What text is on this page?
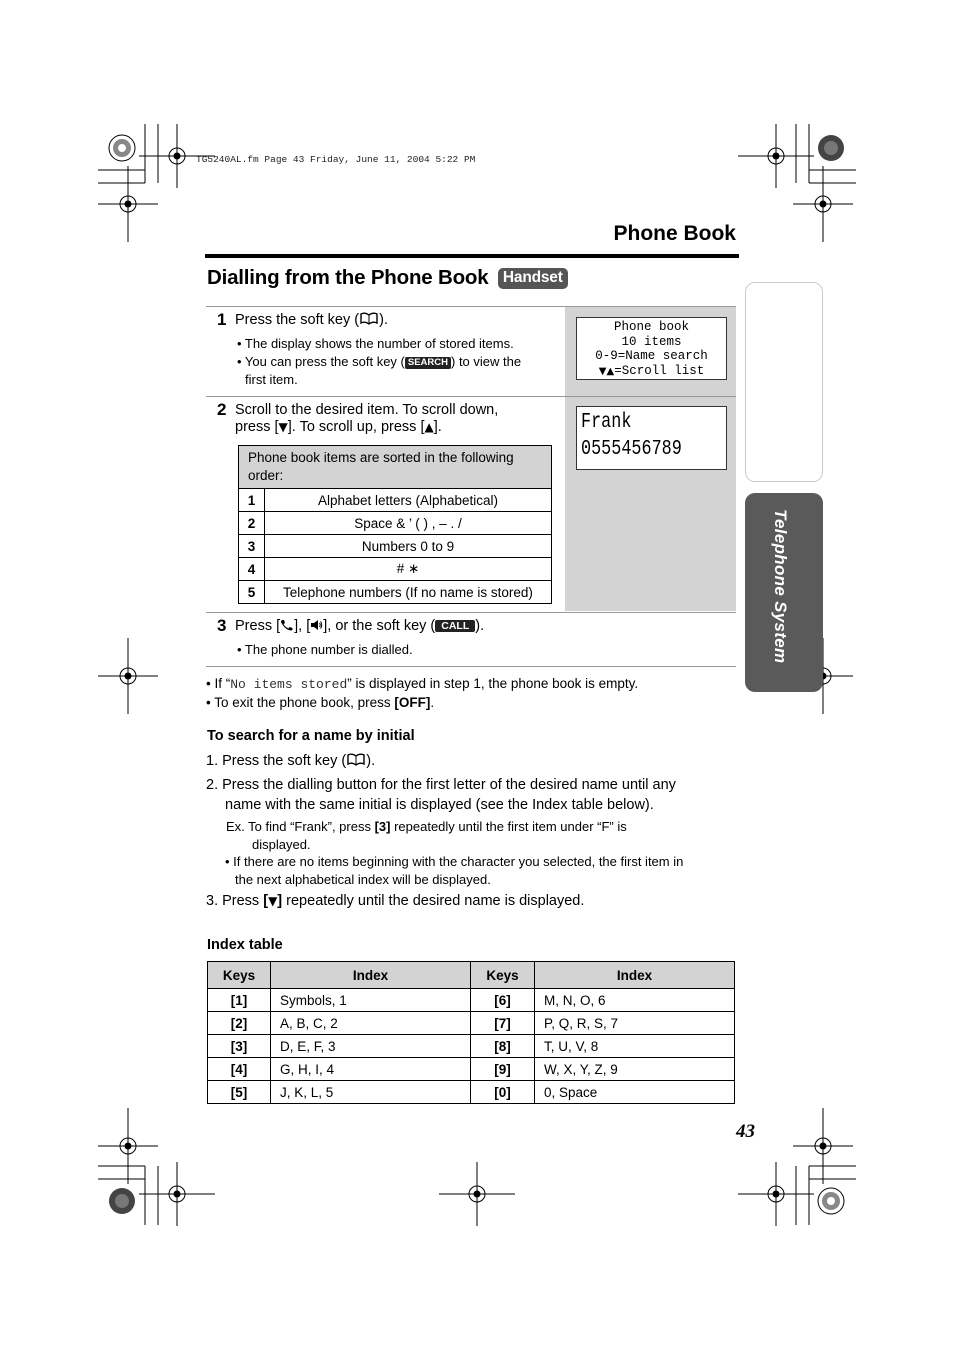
TG5240AL.fm Page 43 Friday, June 11, 2004 5:22 PM
Phone Book
Dialling from the Phone Book Handset
Telephone System
1 Press the soft key ( ).
• The display shows the number of stored items.
• You can press the soft key ( SEARCH ) to view the
first item.
Phone book
10 items
0-9=Name search
▼▲=Scroll list
2 Scroll to the desired item. To scroll down,
press [▼]. To scroll up, press [▲].
Phone book items are sorted in the following order:	
1	Alphabet letters (Alphabetical)
2	Space & ’ ( ) , – . /
3	Numbers 0 to 9
4	# ∗
5	Telephone numbers (If no name is stored)
Frank
0555456789
3 Press [ ], [ ], or the soft key ( CALL ).
• The phone number is dialled.
• If “No items stored” is displayed in step 1, the phone book is empty.
• To exit the phone book, press [OFF].
To search for a name by initial
1. Press the soft key ( ).
2. Press the dialling button for the first letter of the desired name until any
name with the same initial is displayed (see the Index table below).
Ex. To find “Frank”, press [3] repeatedly until the first item under “F” is
displayed.
• If there are no items beginning with the character you selected, the first item in
the next alphabetical index will be displayed.
3. Press [▼] repeatedly until the desired name is displayed.
Index table
Keys	Index	Keys	Index
[1]	Symbols, 1	[6]	M, N, O, 6
[2]	A, B, C, 2	[7]	P, Q, R, S, 7
[3]	D, E, F, 3	[8]	T, U, V, 8
[4]	G, H, I, 4	[9]	W, X, Y, Z, 9
[5]	J, K, L, 5	[0]	0, Space
43
